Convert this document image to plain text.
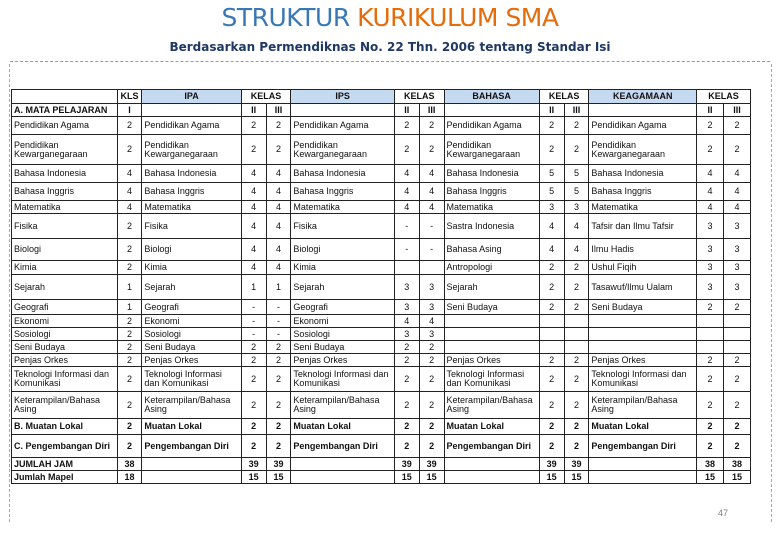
STRUKTUR KURIKULUM SMA
Berdasarkan Permendiknas No. 22 Thn. 2006 tentang Standar Isi
	KLS	IPA	KELAS		IPS	KELAS		BAHASA	KELAS		KEAGAMAAN	KELAS	
A. MATA PELAJARAN	I		II	III		II	III		II	III		II	III
Pendidikan Agama	2	Pendidikan Agama	2	2	Pendidikan Agama	2	2	Pendidikan Agama	2	2	Pendidikan Agama	2	2
Pendidikan Kewarganegaraan	2	Pendidikan Kewarganegaraan	2	2	Pendidikan Kewarganegaraan	2	2	Pendidikan Kewarganegaraan	2	2	Pendidikan Kewarganegaraan	2	2
Bahasa Indonesia	4	Bahasa Indonesia	4	4	Bahasa Indonesia	4	4	Bahasa Indonesia	5	5	Bahasa Indonesia	4	4
Bahasa Inggris	4	Bahasa Inggris	4	4	Bahasa Inggris	4	4	Bahasa Inggris	5	5	Bahasa Inggris	4	4
Matematika	4	Matematika	4	4	Matematika	4	4	Matematika	3	3	Matematika	4	4
Fisika	2	Fisika	4	4	Fisika	-	-	Sastra Indonesia	4	4	Tafsir dan Ilmu Tafsir	3	3
Biologi	2	Biologi	4	4	Biologi	-	-	Bahasa Asing	4	4	Ilmu Hadis	3	3
Kimia	2	Kimia	4	4	Kimia			Antropologi	2	2	Ushul Fiqih	3	3
Sejarah	1	Sejarah	1	1	Sejarah	3	3	Sejarah	2	2	Tasawuf/Ilmu Ualam	3	3
Geografi	1	Geografi	-	-	Geografi	3	3	Seni Budaya	2	2	Seni Budaya	2	2
Ekonomi	2	Ekonomi	-	-	Ekonomi	4	4						
Sosiologi	2	Sosiologi	-	-	Sosiologi	3	3						
Seni Budaya	2	Seni Budaya	2	2	Seni Budaya	2	2						
Penjas Orkes	2	Penjas Orkes	2	2	Penjas Orkes	2	2	Penjas Orkes	2	2	Penjas Orkes	2	2
Teknologi Informasi dan Komunikasi	2	Teknologi Informasi dan Komunikasi	2	2	Teknologi Informasi dan Komunikasi	2	2	Teknologi Informasi dan Komunikasi	2	2	Teknologi Informasi dan Komunikasi	2	2
Keterampilan/Bahasa Asing	2	Keterampilan/Bahasa Asing	2	2	Keterampilan/Bahasa Asing	2	2	Keterampilan/Bahasa Asing	2	2	Keterampilan/Bahasa Asing	2	2
B. Muatan Lokal	2	Muatan Lokal	2	2	Muatan Lokal	2	2	Muatan Lokal	2	2	Muatan Lokal	2	2
C. Pengembangan Diri	2	Pengembangan Diri	2	2	Pengembangan Diri	2	2	Pengembangan Diri	2	2	Pengembangan Diri	2	2
JUMLAH JAM	38		39	39		39	39		39	39		38	38
Jumlah Mapel	18		15	15		15	15		15	15		15	15
47
